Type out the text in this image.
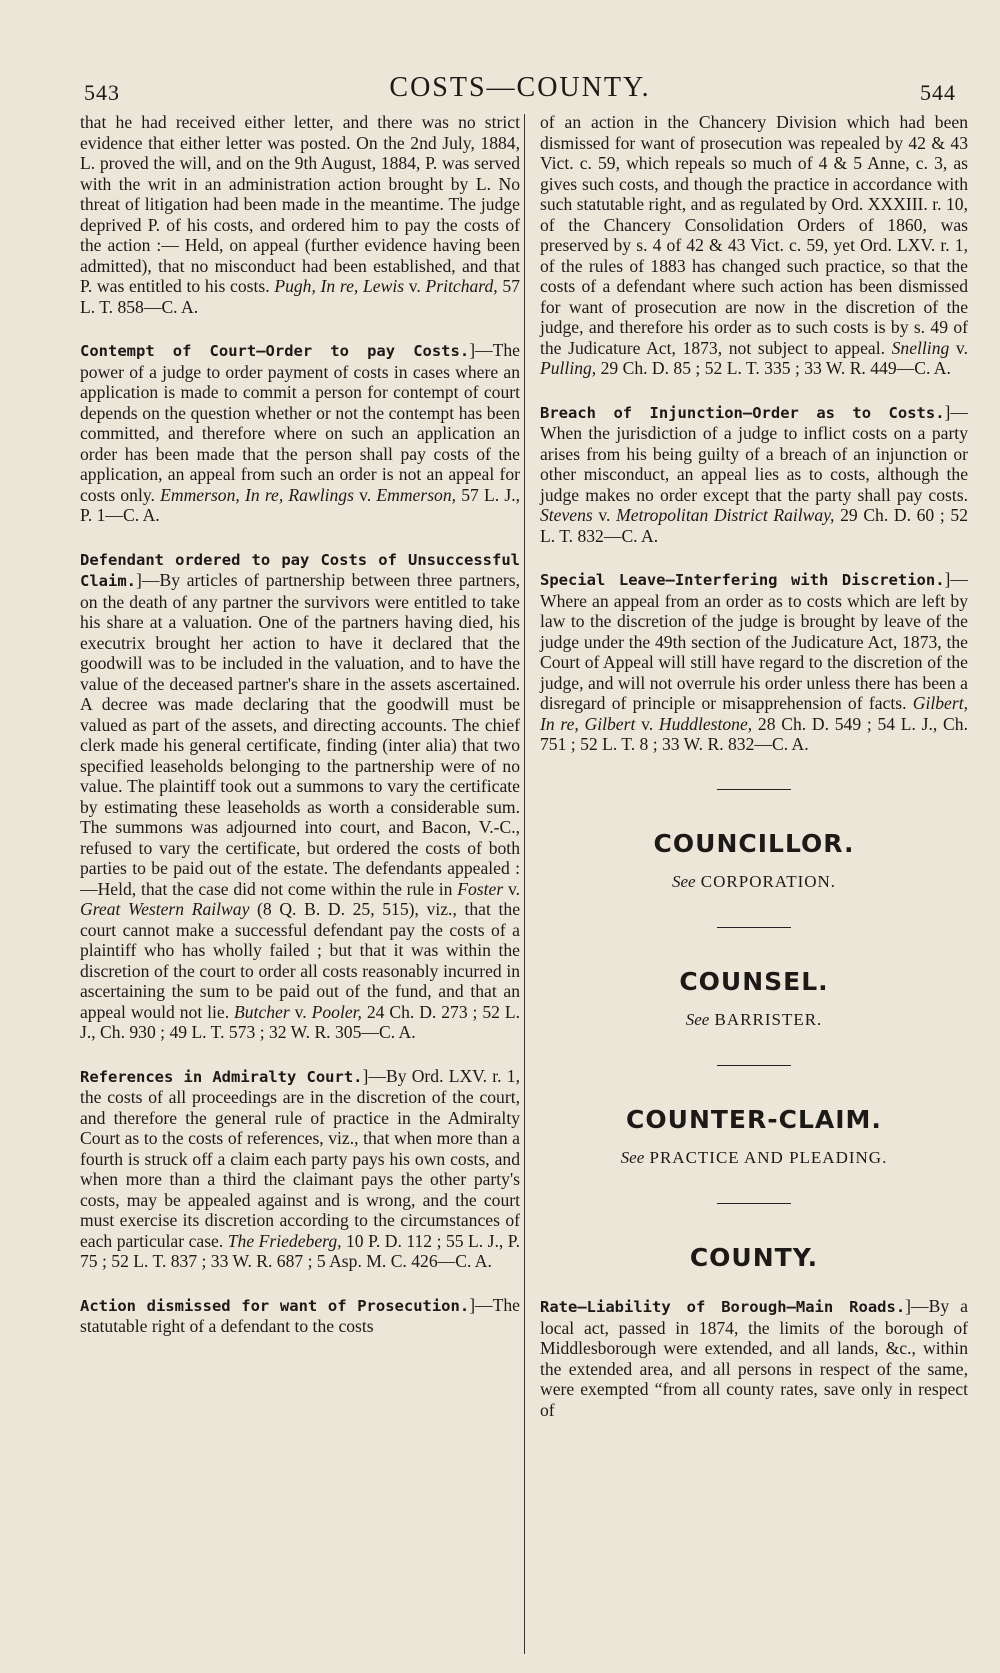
543	COSTS—COUNTY.	544

that he had received either letter, and there was no strict evidence that either letter was posted. On the 2nd July, 1884, L. proved the will, and on the 9th August, 1884, P. was served with the writ in an administration action brought by L. No threat of litigation had been made in the meantime. The judge deprived P. of his costs, and ordered him to pay the costs of the action :— Held, on appeal (further evidence having been admitted), that no misconduct had been established, and that P. was entitled to his costs. Pugh, In re, Lewis v. Pritchard, 57 L. T. 858—C. A.

Contempt of Court—Order to pay Costs.]—The power of a judge to order payment of costs in cases where an application is made to commit a person for contempt of court depends on the question whether or not the contempt has been committed, and therefore where on such an application an order has been made that the person shall pay costs of the application, an appeal from such an order is not an appeal for costs only. Emmerson, In re, Rawlings v. Emmerson, 57 L. J., P. 1—C. A.

Defendant ordered to pay Costs of Unsuccessful Claim.]—By articles of partnership between three partners, on the death of any partner the survivors were entitled to take his share at a valuation. One of the partners having died, his executrix brought her action to have it declared that the goodwill was to be included in the valuation, and to have the value of the deceased partner's share in the assets ascertained. A decree was made declaring that the goodwill must be valued as part of the assets, and directing accounts. The chief clerk made his general certificate, finding (inter alia) that two specified leaseholds belonging to the partnership were of no value. The plaintiff took out a summons to vary the certificate by estimating these leaseholds as worth a considerable sum. The summons was adjourned into court, and Bacon, V.-C., refused to vary the certificate, but ordered the costs of both parties to be paid out of the estate. The defendants appealed :—Held, that the case did not come within the rule in Foster v. Great Western Railway (8 Q. B. D. 25, 515), viz., that the court cannot make a successful defendant pay the costs of a plaintiff who has wholly failed ; but that it was within the discretion of the court to order all costs reasonably incurred in ascertaining the sum to be paid out of the fund, and that an appeal would not lie. Butcher v. Pooler, 24 Ch. D. 273 ; 52 L. J., Ch. 930 ; 49 L. T. 573 ; 32 W. R. 305—C. A.

References in Admiralty Court.]—By Ord. LXV. r. 1, the costs of all proceedings are in the discretion of the court, and therefore the general rule of practice in the Admiralty Court as to the costs of references, viz., that when more than a fourth is struck off a claim each party pays his own costs, and when more than a third the claimant pays the other party's costs, may be appealed against and is wrong, and the court must exercise its discretion according to the circumstances of each particular case. The Friedeberg, 10 P. D. 112 ; 55 L. J., P. 75 ; 52 L. T. 837 ; 33 W. R. 687 ; 5 Asp. M. C. 426—C. A.

Action dismissed for want of Prosecution.]—The statutable right of a defendant to the costs

of an action in the Chancery Division which had been dismissed for want of prosecution was repealed by 42 & 43 Vict. c. 59, which repeals so much of 4 & 5 Anne, c. 3, as gives such costs, and though the practice in accordance with such statutable right, and as regulated by Ord. XXXIII. r. 10, of the Chancery Consolidation Orders of 1860, was preserved by s. 4 of 42 & 43 Vict. c. 59, yet Ord. LXV. r. 1, of the rules of 1883 has changed such practice, so that the costs of a defendant where such action has been dismissed for want of prosecution are now in the discretion of the judge, and therefore his order as to such costs is by s. 49 of the Judicature Act, 1873, not subject to appeal. Snelling v. Pulling, 29 Ch. D. 85 ; 52 L. T. 335 ; 33 W. R. 449—C. A.

Breach of Injunction—Order as to Costs.]—When the jurisdiction of a judge to inflict costs on a party arises from his being guilty of a breach of an injunction or other misconduct, an appeal lies as to costs, although the judge makes no order except that the party shall pay costs. Stevens v. Metropolitan District Railway, 29 Ch. D. 60 ; 52 L. T. 832—C. A.

Special Leave—Interfering with Discretion.]—Where an appeal from an order as to costs which are left by law to the discretion of the judge is brought by leave of the judge under the 49th section of the Judicature Act, 1873, the Court of Appeal will still have regard to the discretion of the judge, and will not overrule his order unless there has been a disregard of principle or misapprehension of facts. Gilbert, In re, Gilbert v. Huddlestone, 28 Ch. D. 549 ; 54 L. J., Ch. 751 ; 52 L. T. 8 ; 33 W. R. 832—C. A.

COUNCILLOR.

See CORPORATION.

COUNSEL.

See BARRISTER.

COUNTER-CLAIM.

See PRACTICE AND PLEADING.

COUNTY.

Rate—Liability of Borough—Main Roads.]—By a local act, passed in 1874, the limits of the borough of Middlesborough were extended, and all lands, &c., within the extended area, and all persons in respect of the same, were exempted “from all county rates, save only in respect of
